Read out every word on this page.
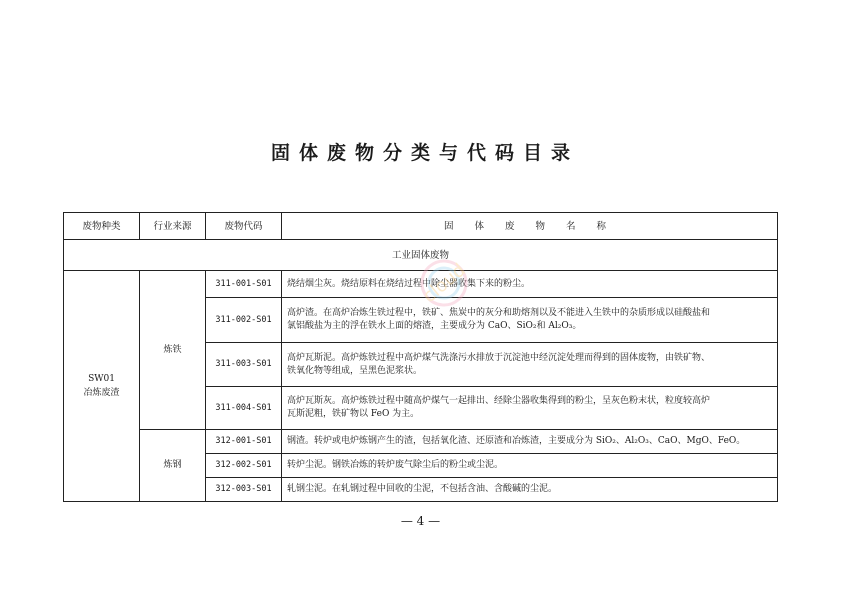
固体废物分类与代码目录
废物种类	行业来源	废物代码	固 体 废 物 名 称
工业固体废物			

SW01
冶炼废渣	炼铁	311-001-S01	烧结烟尘灰。烧结原料在烧结过程中除尘器收集下来的粉尘。

		311-002-S01	高炉渣。在高炉冶炼生铁过程中，铁矿、焦炭中的灰分和助熔剂以及不能进入生铁中的杂质形成以硅酸盐和
氯铝酸盐为主的浮在铁水上面的熔渣，主要成分为 CaO、SiO₂和 Al₂O₃。

		311-003-S01	高炉瓦斯泥。高炉炼铁过程中高炉煤气洗涤污水排放于沉淀池中经沉淀处理而得到的固体废物，由铁矿物、
铁氧化物等组成，呈黑色泥浆状。

		311-004-S01	高炉瓦斯灰。高炉炼铁过程中随高炉煤气一起排出、经除尘器收集得到的粉尘，呈灰色粉末状，粒度较高炉
瓦斯泥粗，铁矿物以 FeO 为主。

	炼钢	312-001-S01	钢渣。转炉或电炉炼钢产生的渣，包括氧化渣、还原渣和冶炼渣，主要成分为 SiO₂、Al₂O₃、CaO、MgO、FeO。

		312-002-S01	转炉尘泥。钢铁冶炼的转炉废气除尘后的粉尘或尘泥。

		312-003-S01	轧钢尘泥。在轧钢过程中回收的尘泥，不包括含油、含酸碱的尘泥。
cloud
— 4 —
